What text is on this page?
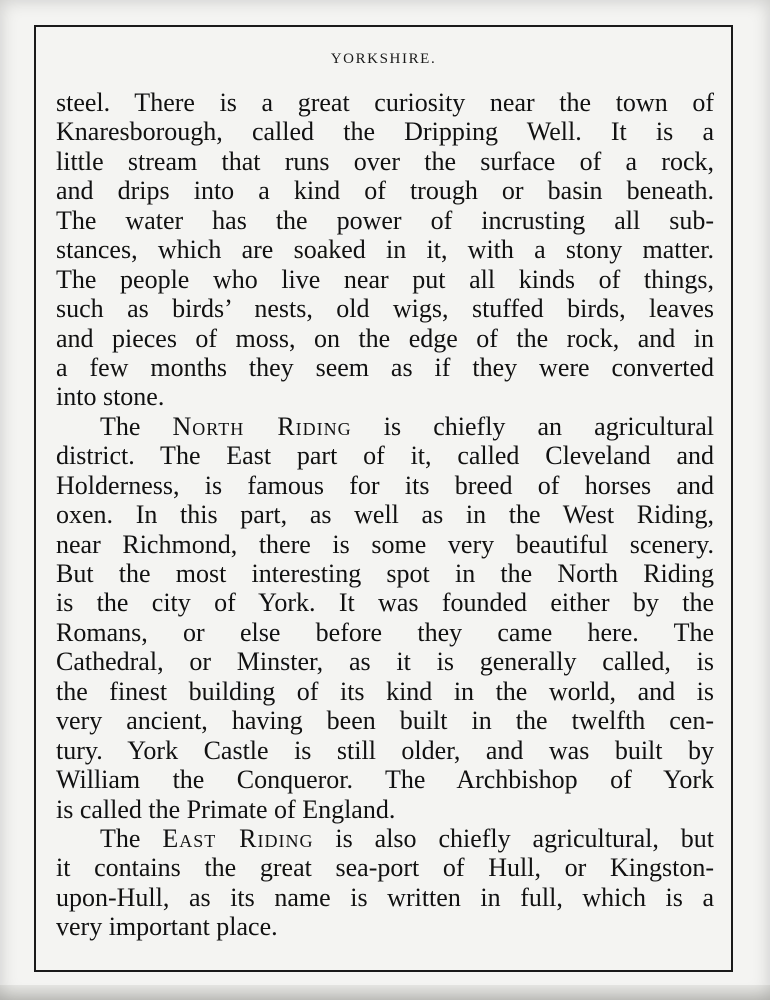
YORKSHIRE.
steel. There is a great curiosity near the town of
Knaresborough, called the Dripping Well. It is a
little stream that runs over the surface of a rock,
and drips into a kind of trough or basin beneath.
The water has the power of incrusting all sub-
stances, which are soaked in it, with a stony matter.
The people who live near put all kinds of things,
such as birds’ nests, old wigs, stuffed birds, leaves
and pieces of moss, on the edge of the rock, and in
a few months they seem as if they were converted
into stone.
The North Riding is chiefly an agricultural
district. The East part of it, called Cleveland and
Holderness, is famous for its breed of horses and
oxen. In this part, as well as in the West Riding,
near Richmond, there is some very beautiful scenery.
But the most interesting spot in the North Riding
is the city of York. It was founded either by the
Romans, or else before they came here. The
Cathedral, or Minster, as it is generally called, is
the finest building of its kind in the world, and is
very ancient, having been built in the twelfth cen-
tury. York Castle is still older, and was built by
William the Conqueror. The Archbishop of York
is called the Primate of England.
The East Riding is also chiefly agricultural, but
it contains the great sea-port of Hull, or Kingston-
upon-Hull, as its name is written in full, which is a
very important place.
